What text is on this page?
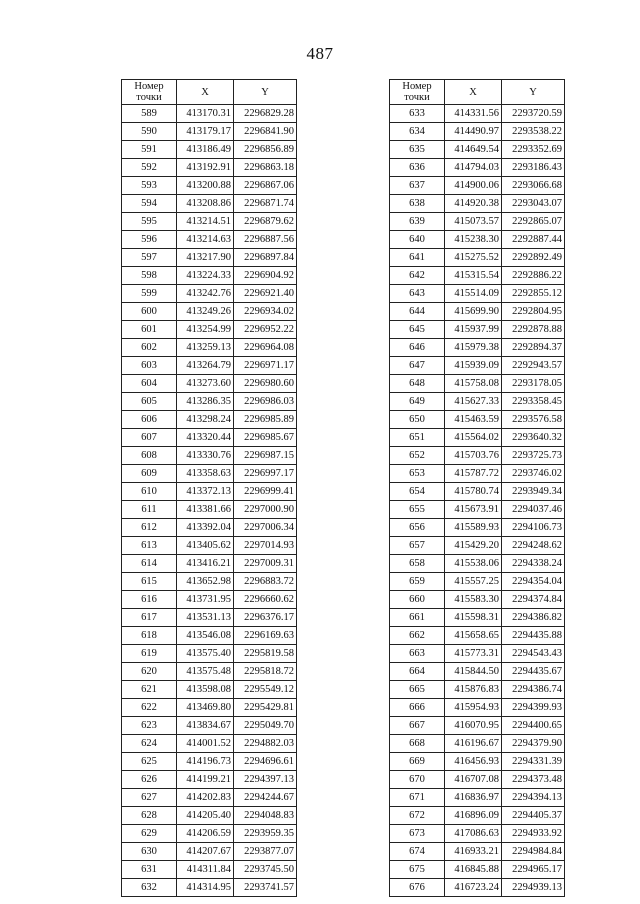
487
Номер
точки	X	Y
589	413170.31	2296829.28
590	413179.17	2296841.90
591	413186.49	2296856.89
592	413192.91	2296863.18
593	413200.88	2296867.06
594	413208.86	2296871.74
595	413214.51	2296879.62
596	413214.63	2296887.56
597	413217.90	2296897.84
598	413224.33	2296904.92
599	413242.76	2296921.40
600	413249.26	2296934.02
601	413254.99	2296952.22
602	413259.13	2296964.08
603	413264.79	2296971.17
604	413273.60	2296980.60
605	413286.35	2296986.03
606	413298.24	2296985.89
607	413320.44	2296985.67
608	413330.76	2296987.15
609	413358.63	2296997.17
610	413372.13	2296999.41
611	413381.66	2297000.90
612	413392.04	2297006.34
613	413405.62	2297014.93
614	413416.21	2297009.31
615	413652.98	2296883.72
616	413731.95	2296660.62
617	413531.13	2296376.17
618	413546.08	2296169.63
619	413575.40	2295819.58
620	413575.48	2295818.72
621	413598.08	2295549.12
622	413469.80	2295429.81
623	413834.67	2295049.70
624	414001.52	2294882.03
625	414196.73	2294696.61
626	414199.21	2294397.13
627	414202.83	2294244.67
628	414205.40	2294048.83
629	414206.59	2293959.35
630	414207.67	2293877.07
631	414311.84	2293745.50
632	414314.95	2293741.57
Номер
точки	X	Y
633	414331.56	2293720.59
634	414490.97	2293538.22
635	414649.54	2293352.69
636	414794.03	2293186.43
637	414900.06	2293066.68
638	414920.38	2293043.07
639	415073.57	2292865.07
640	415238.30	2292887.44
641	415275.52	2292892.49
642	415315.54	2292886.22
643	415514.09	2292855.12
644	415699.90	2292804.95
645	415937.99	2292878.88
646	415979.38	2292894.37
647	415939.09	2292943.57
648	415758.08	2293178.05
649	415627.33	2293358.45
650	415463.59	2293576.58
651	415564.02	2293640.32
652	415703.76	2293725.73
653	415787.72	2293746.02
654	415780.74	2293949.34
655	415673.91	2294037.46
656	415589.93	2294106.73
657	415429.20	2294248.62
658	415538.06	2294338.24
659	415557.25	2294354.04
660	415583.30	2294374.84
661	415598.31	2294386.82
662	415658.65	2294435.88
663	415773.31	2294543.43
664	415844.50	2294435.67
665	415876.83	2294386.74
666	415954.93	2294399.93
667	416070.95	2294400.65
668	416196.67	2294379.90
669	416456.93	2294331.39
670	416707.08	2294373.48
671	416836.97	2294394.13
672	416896.09	2294405.37
673	417086.63	2294933.92
674	416933.21	2294984.84
675	416845.88	2294965.17
676	416723.24	2294939.13
